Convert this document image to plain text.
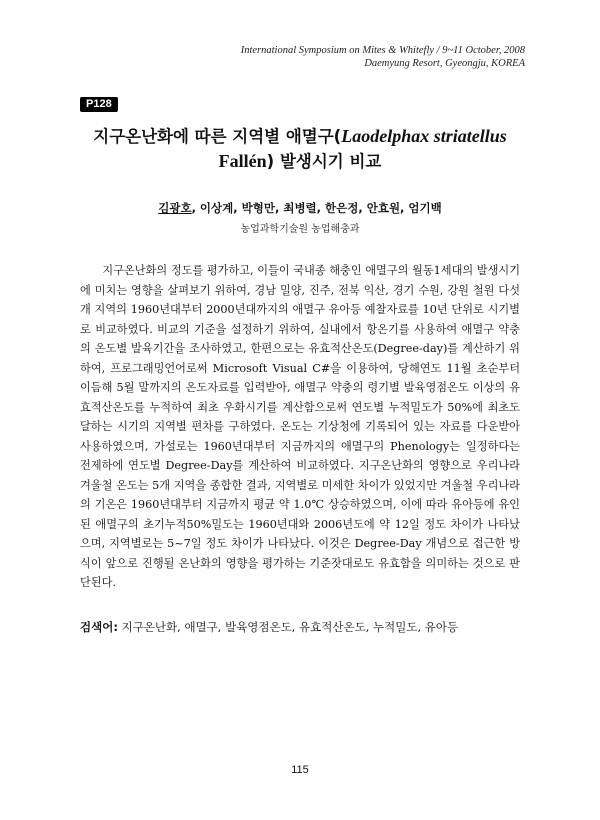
International Symposium on Mites & Whitefly / 9~11 October, 2008
Daemyung Resort, Gyeongju, KOREA
P128
지구온난화에 따른 지역별 애멸구(Laodelphax striatellus
Fallén) 발생시기 비교
김광호, 이상계, 박형만, 최병렬, 한은정, 안효원, 엄기백
농업과학기술원 농업해충과

지구온난화의 정도를 평가하고, 이들이 국내종 해충인 애멸구의 월동1세대의 발생시기에 미치는 영향을 살펴보기 위하여, 경남 밀양, 진주, 전북 익산, 경기 수원, 강원 철원 다섯 개 지역의 1960년대부터 2000년대까지의 애멸구 유아등 예찰자료를 10년 단위로 시기별로 비교하였다. 비교의 기준을 설정하기 위하여, 실내에서 항온기를 사용하여 애멸구 약충의 온도별 발육기간을 조사하였고, 한편으로는 유효적산온도(Degree-day)를 계산하기 위하여, 프로그래밍언어로써 Microsoft Visual C#을 이용하여, 당해연도 11월 초순부터 이듬해 5월 말까지의 온도자료를 입력받아, 애멸구 약충의 령기별 발육영점온도 이상의 유효적산온도를 누적하여 최초 우화시기를 계산함으로써 연도별 누적밀도가 50%에 최초도달하는 시기의 지역별 편차를 구하였다. 온도는 기상청에 기록되어 있는 자료를 다운받아 사용하였으며, 가설로는 1960년대부터 지금까지의 애멸구의 Phenology는 일정하다는 전제하에 연도별 Degree-Day를 계산하여 비교하였다. 지구온난화의 영향으로 우리나라 겨울철 온도는 5개 지역을 종합한 결과, 지역별로 미세한 차이가 있었지만 겨울철 우리나라의 기온은 1960년대부터 지금까지 평균 약 1.0℃ 상승하였으며, 이에 따라 유아등에 유인된 애멸구의 초기누적50%밀도는 1960년대와 2006년도에 약 12일 정도 차이가 나타났으며, 지역별로는 5~7일 정도 차이가 나타났다. 이것은 Degree-Day 개념으로 접근한 방식이 앞으로 진행될 온난화의 영향을 평가하는 기준잣대로도 유효함을 의미하는 것으로 판단된다.

검색어: 지구온난화, 애멸구, 발육영점온도, 유효적산온도, 누적밀도, 유아등
115
